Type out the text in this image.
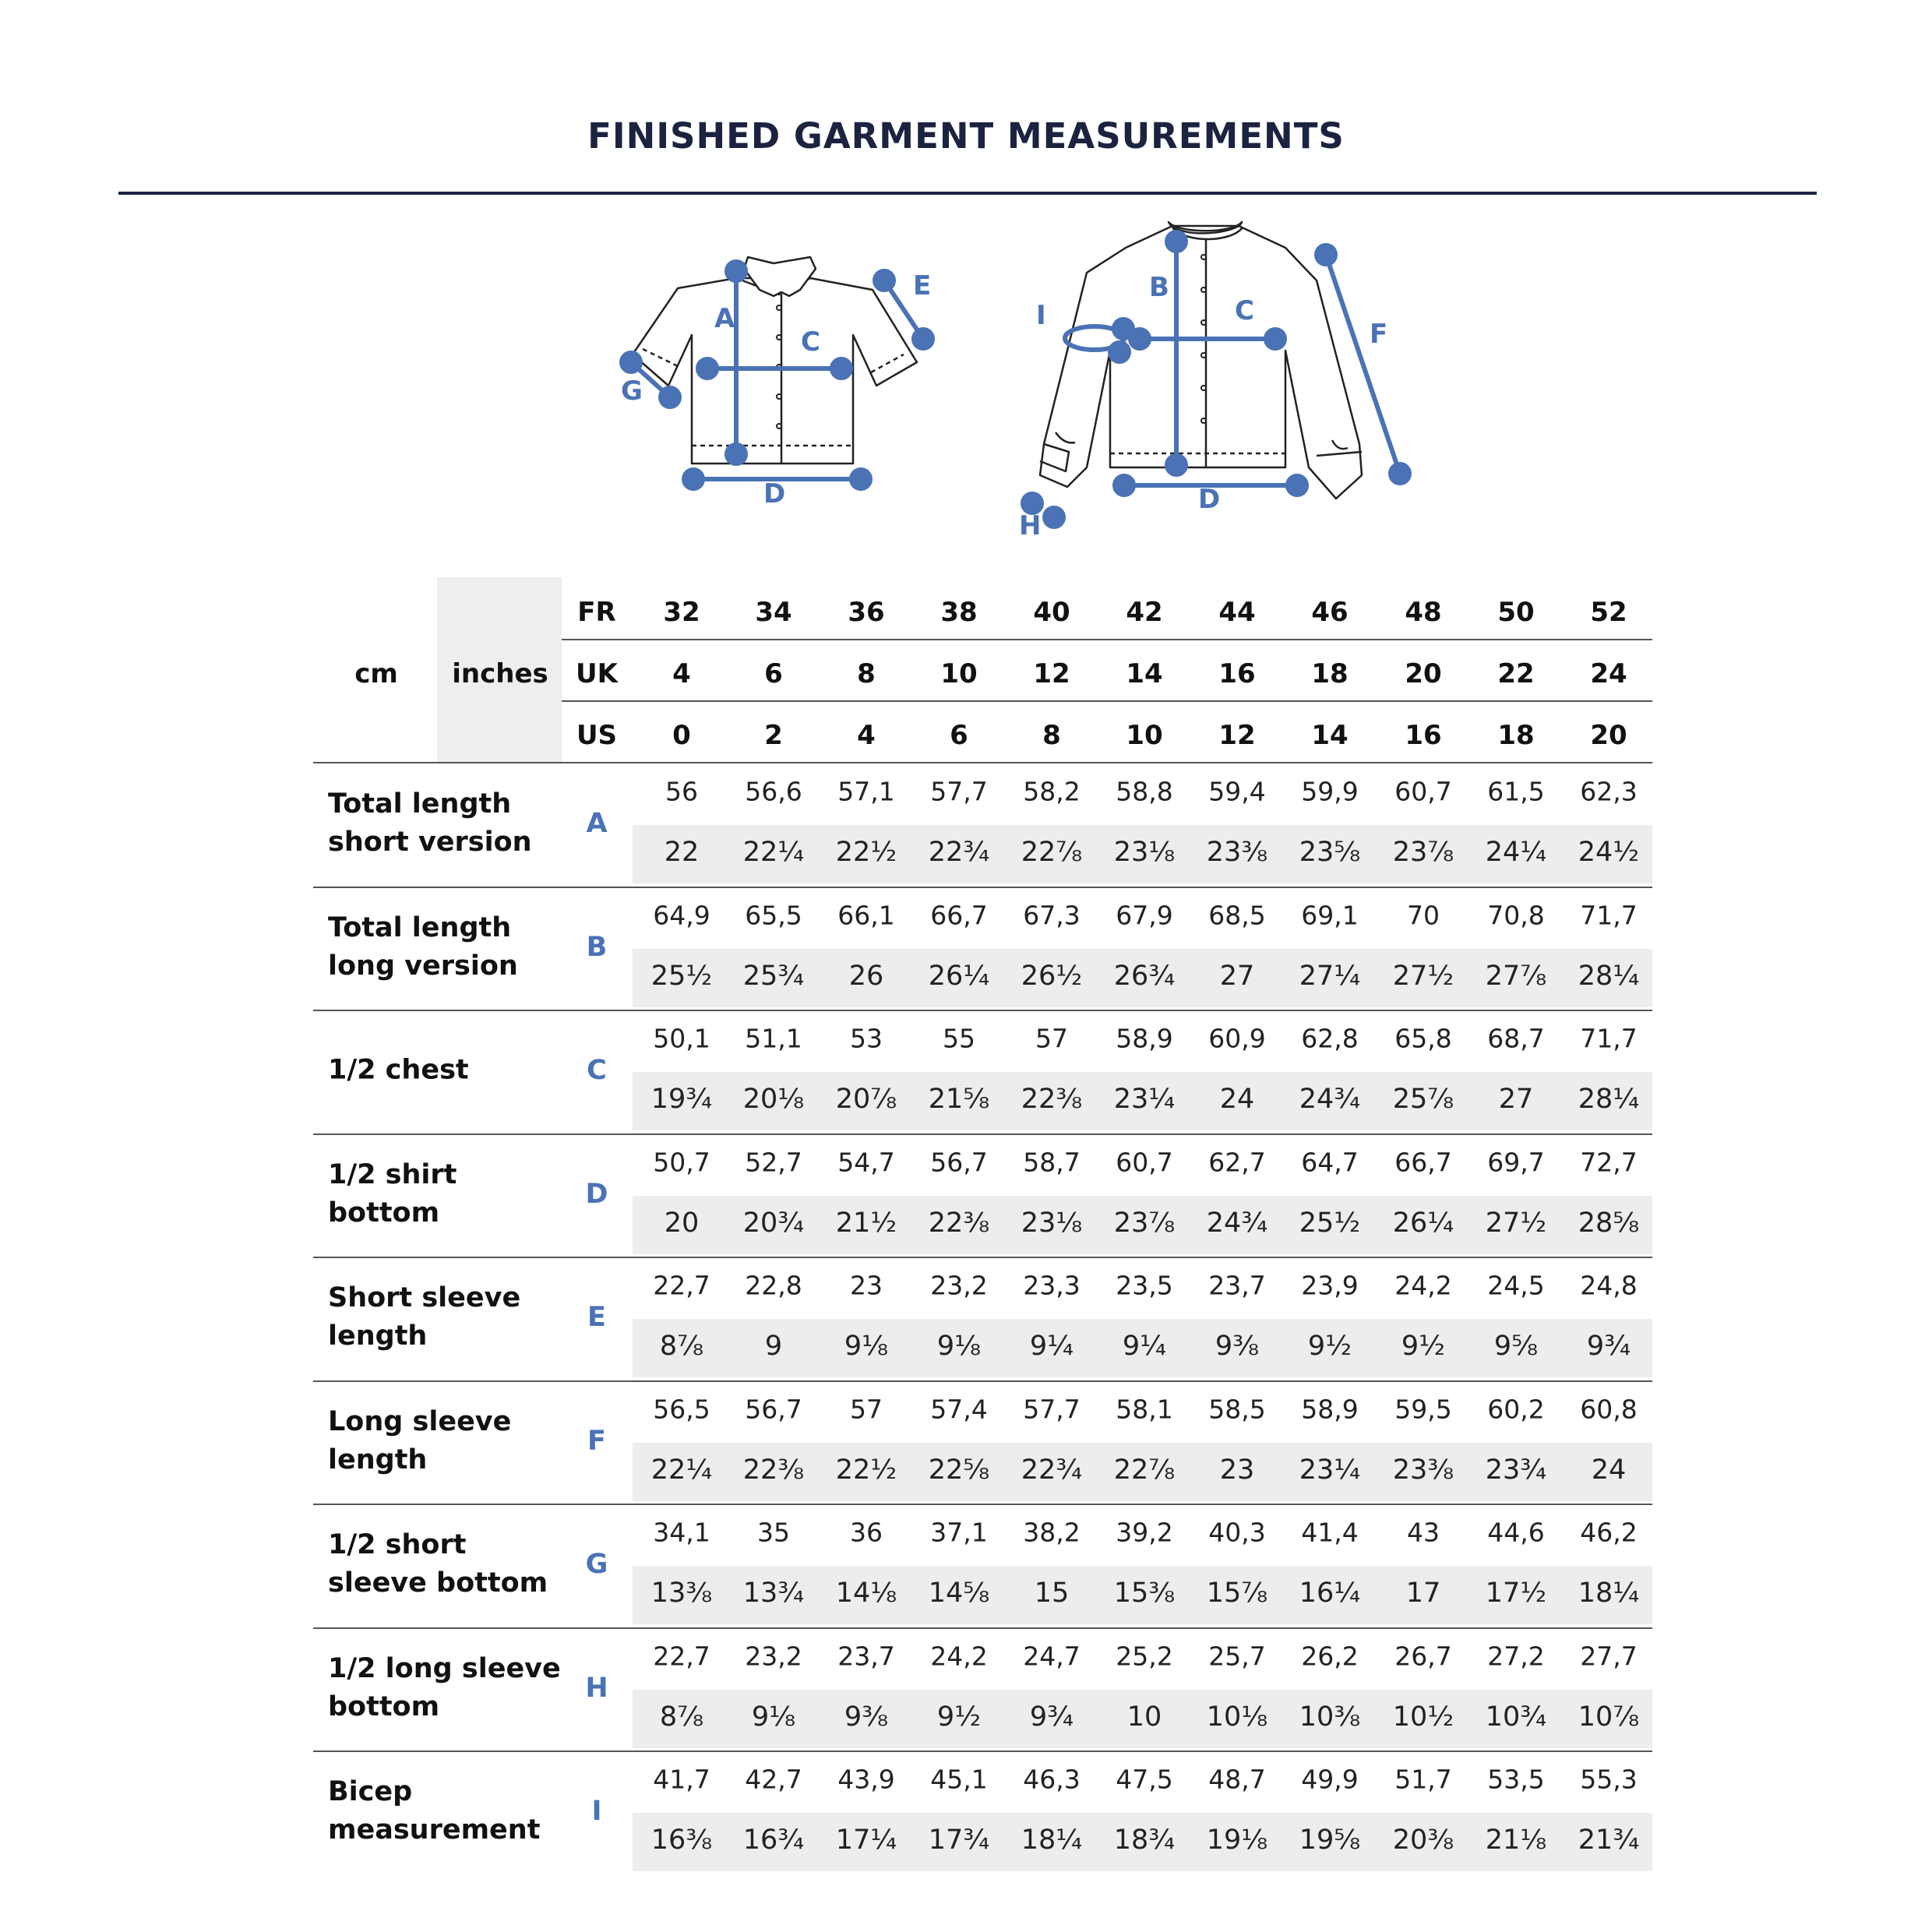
FINISHED GARMENT MEASUREMENTS
A
C
D
E
G
B
C
D
F
H
I
cm inches
FR 32 34 36 38 40 42 44 46 48 50 52
UK 4	6	8 10 12 14 16 18 20 22 24
US 0	2	4	6	8 10 12 14 16 18 20
Total length
short version
A
56 56,6 57,1 57,7 58,2 58,8 59,4 59,9 60,7 61,5 62,3
22 22¼ 22½ 22¾ 22⅞ 23⅛ 23⅜ 23⅝ 23⅞ 24¼ 24½
Total length
long version
B
64,9 65,5 66,1 66,7 67,3 67,9 68,5 69,1 70 70,8 71,7
25½ 25¾ 26 26¼ 26½ 26¾ 27 27¼ 27½ 27⅞ 28¼
1/2 chest	C
50,1 51,1 53 55 57 58,9 60,9 62,8 65,8 68,7 71,7
19¾ 20⅛ 20⅞ 21⅝ 22⅜ 23¼ 24 24¾ 25⅞ 27 28¼
1/2 shirt
bottom
D
50,7 52,7 54,7 56,7 58,7 60,7 62,7 64,7 66,7 69,7 72,7
20 20¾ 21½ 22⅜ 23⅛ 23⅞ 24¾ 25½ 26¼ 27½ 28⅝
Short sleeve
length
E
22,7 22,8 23 23,2 23,3 23,5 23,7 23,9 24,2 24,5 24,8
8⅞ 9 9⅛ 9⅛ 9¼ 9¼ 9⅜ 9½ 9½ 9⅝ 9¾
Long sleeve
length
F
56,5 56,7 57 57,4 57,7 58,1 58,5 58,9 59,5 60,2 60,8
22¼ 22⅜ 22½ 22⅝ 22¾ 22⅞ 23 23¼ 23⅜ 23¾ 24
1/2 short
sleeve bottom
G
34,1 35 36 37,1 38,2 39,2 40,3 41,4 43 44,6 46,2
13⅜ 13¾ 14⅛ 14⅝ 15 15⅜ 15⅞ 16¼ 17 17½ 18¼
1/2 long sleeve
bottom
H
22,7 23,2 23,7 24,2 24,7 25,2 25,7 26,2 26,7 27,2 27,7
8⅞ 9⅛ 9⅜ 9½ 9¾ 10 10⅛ 10⅜ 10½ 10¾ 10⅞
Bicep
measurement
I
41,7 42,7 43,9 45,1 46,3 47,5 48,7 49,9 51,7 53,5 55,3
16⅜ 16¾ 17¼ 17¾ 18¼ 18¾ 19⅛ 19⅝ 20⅜ 21⅛ 21¾
